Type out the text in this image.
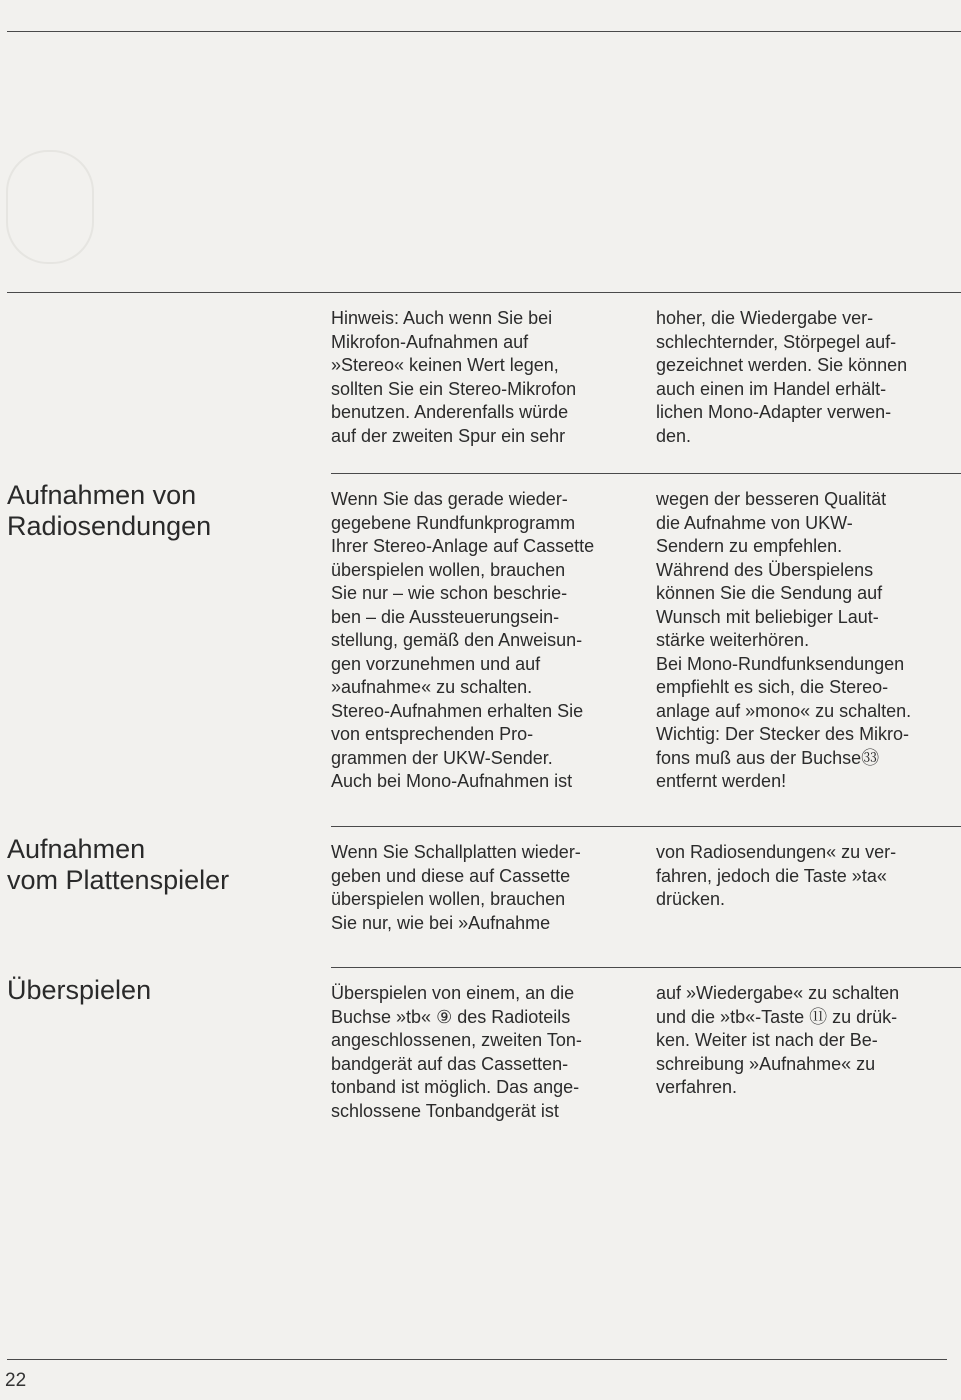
Hinweis: Auch wenn Sie bei
Mikrofon-Aufnahmen auf
»Stereo« keinen Wert legen,
sollten Sie ein Stereo-Mikrofon
benutzen. Anderenfalls würde
auf der zweiten Spur ein sehr

hoher, die Wiedergabe ver-
schlechternder, Störpegel auf-
gezeichnet werden. Sie können
auch einen im Handel erhält-
lichen Mono-Adapter verwen-
den.

Aufnahmen von
Radiosendungen

Wenn Sie das gerade wieder-
gegebene Rundfunkprogramm
Ihrer Stereo-Anlage auf Cassette
überspielen wollen, brauchen
Sie nur – wie schon beschrie-
ben – die Aussteuerungsein-
stellung, gemäß den Anweisun-
gen vorzunehmen und auf
»aufnahme« zu schalten.
Stereo-Aufnahmen erhalten Sie
von entsprechenden Pro-
grammen der UKW-Sender.
Auch bei Mono-Aufnahmen ist

wegen der besseren Qualität
die Aufnahme von UKW-
Sendern zu empfehlen.
Während des Überspielens
können Sie die Sendung auf
Wunsch mit beliebiger Laut-
stärke weiterhören.
Bei Mono-Rundfunksendungen
empfiehlt es sich, die Stereo-
anlage auf »mono« zu schalten.
Wichtig: Der Stecker des Mikro-
fons muß aus der Buchse㉝
entfernt werden!

Aufnahmen
vom Plattenspieler

Wenn Sie Schallplatten wieder-
geben und diese auf Cassette
überspielen wollen, brauchen
Sie nur, wie bei »Aufnahme

von Radiosendungen« zu ver-
fahren, jedoch die Taste »ta«
drücken.

Überspielen	Überspielen von einem, an die
Buchse »tb« ⑨ des Radioteils
angeschlossenen, zweiten Ton-
bandgerät auf das Cassetten-
tonband ist möglich. Das ange-
schlossene Tonbandgerät ist

auf »Wiedergabe« zu schalten
und die »tb«-Taste ⑪ zu drük-
ken. Weiter ist nach der Be-
schreibung »Aufnahme« zu
verfahren.

22
